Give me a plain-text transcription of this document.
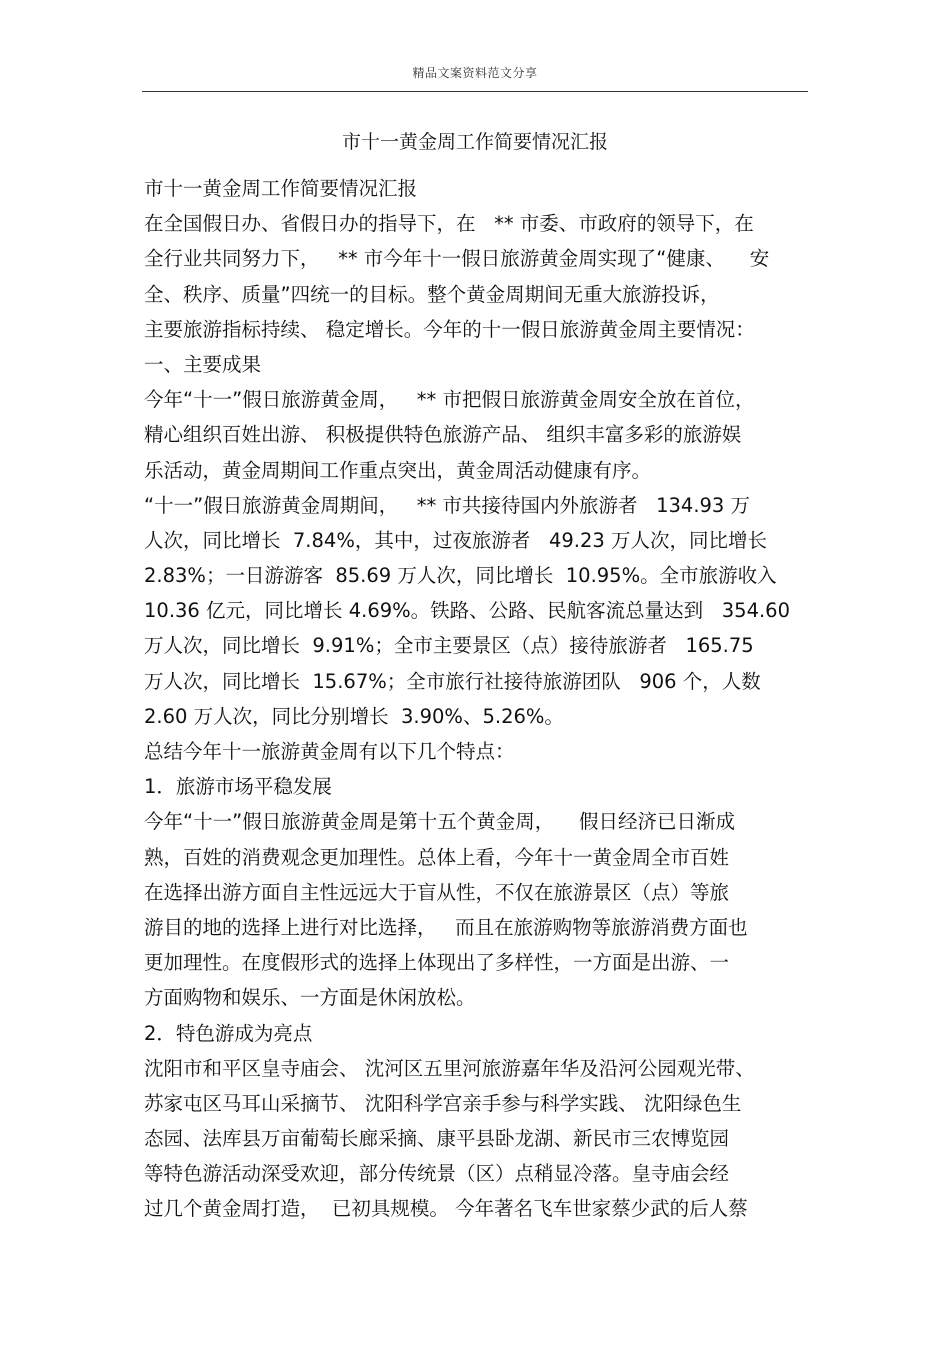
精品文案资料范文分享
市十一黄金周工作简要情况汇报
市十一黄金周工作简要情况汇报
在全国假日办、省假日办的指导下，在   ** 市委、市政府的领导下，在
全行业共同努力下，   ** 市今年十一假日旅游黄金周实现了“健康、    安
全、秩序、质量”四统一的目标。整个黄金周期间无重大旅游投诉，
主要旅游指标持续、 稳定增长。今年的十一假日旅游黄金周主要情况：
一、主要成果
今年“十一”假日旅游黄金周，   ** 市把假日旅游黄金周安全放在首位，
精心组织百姓出游、 积极提供特色旅游产品、 组织丰富多彩的旅游娱
乐活动，黄金周期间工作重点突出，黄金周活动健康有序。
“十一”假日旅游黄金周期间，   ** 市共接待国内外旅游者   134.93 万
人次，同比增长  7.84%，其中，过夜旅游者   49.23 万人次，同比增长
2.83%；一日游游客  85.69 万人次，同比增长  10.95%。全市旅游收入
10.36 亿元，同比增长 4.69%。铁路、公路、民航客流总量达到   354.60
万人次，同比增长  9.91%；全市主要景区（点）接待旅游者   165.75
万人次，同比增长  15.67%；全市旅行社接待旅游团队   906 个，人数
2.60 万人次，同比分别增长  3.90%、5.26%。
总结今年十一旅游黄金周有以下几个特点：
1．旅游市场平稳发展
今年“十一”假日旅游黄金周是第十五个黄金周，    假日经济已日渐成
熟，百姓的消费观念更加理性。总体上看，今年十一黄金周全市百姓
在选择出游方面自主性远远大于盲从性，不仅在旅游景区（点）等旅
游目的地的选择上进行对比选择，   而且在旅游购物等旅游消费方面也
更加理性。在度假形式的选择上体现出了多样性，一方面是出游、一
方面购物和娱乐、一方面是休闲放松。
2．特色游成为亮点
沈阳市和平区皇寺庙会、 沈河区五里河旅游嘉年华及沿河公园观光带、
苏家屯区马耳山采摘节、 沈阳科学宫亲手参与科学实践、 沈阳绿色生
态园、法库县万亩葡萄长廊采摘、康平县卧龙湖、新民市三农博览园
等特色游活动深受欢迎，部分传统景（区）点稍显冷落。皇寺庙会经
过几个黄金周打造，  已初具规模。 今年著名飞车世家蔡少武的后人蔡
